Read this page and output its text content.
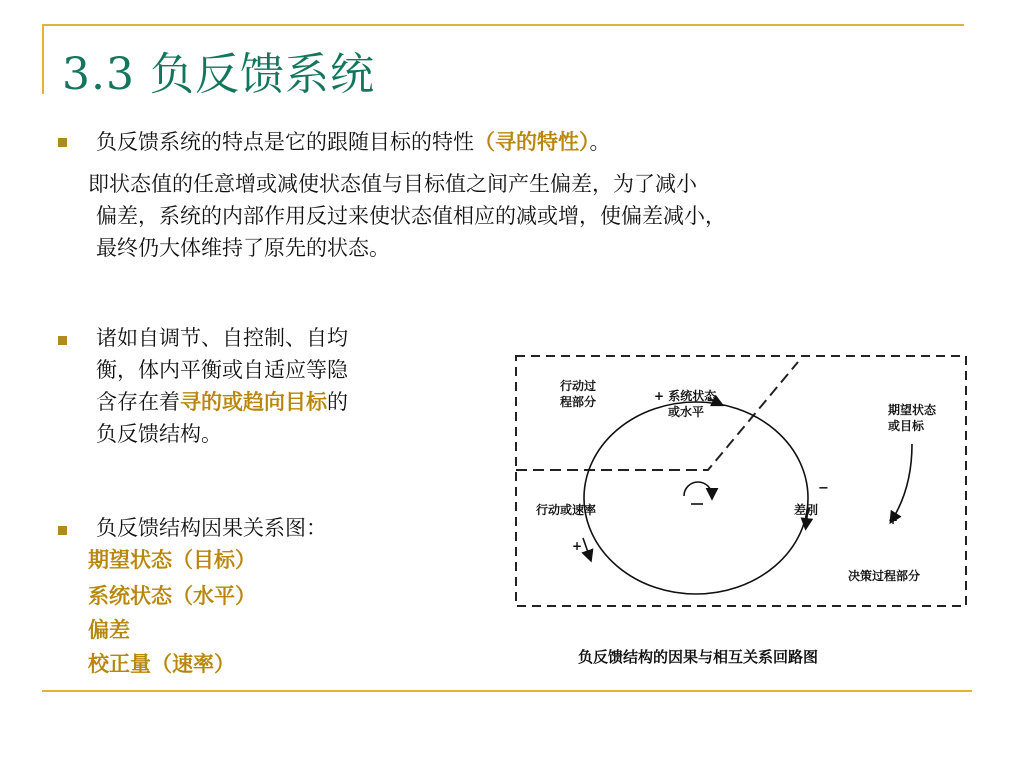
3.3 负反馈系统
负反馈系统的特点是它的跟随目标的特性（寻的特性）。
即状态值的任意增或减使状态值与目标值之间产生偏差，为了减小
偏差，系统的内部作用反过来使状态值相应的减或增，使偏差减小，
最终仍大体维持了原先的状态。
诸如自调节、自控制、自均
衡，体内平衡或自适应等隐
含存在着寻的或趋向目标的
负反馈结构。
负反馈结构因果关系图：
期望状态（目标）
系统状态（水平）
偏差
校正量（速率）
行动过
程部分	+ 系统状态
或水平	期望状态
或目标
行动或速率	差别
决策过程部分
+
+
−
负反馈结构的因果与相互关系回路图
